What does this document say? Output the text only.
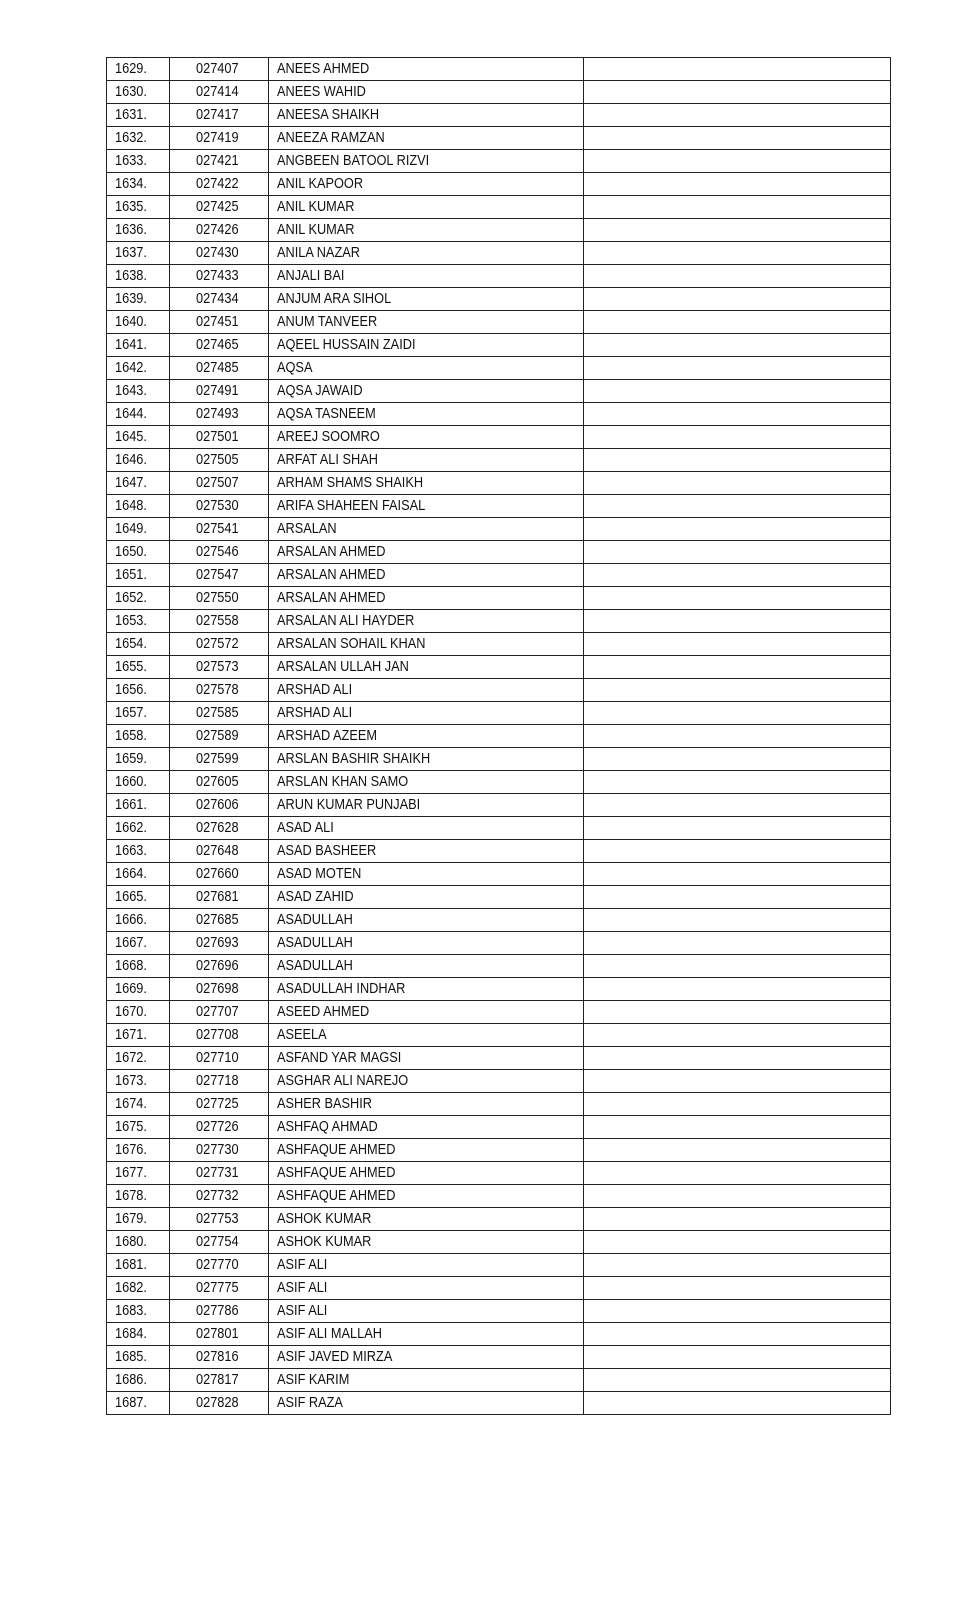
1629.	027407	ANEES AHMED	
1630.	027414	ANEES WAHID	
1631.	027417	ANEESA SHAIKH	
1632.	027419	ANEEZA RAMZAN	
1633.	027421	ANGBEEN BATOOL RIZVI	
1634.	027422	ANIL KAPOOR	
1635.	027425	ANIL KUMAR	
1636.	027426	ANIL KUMAR	
1637.	027430	ANILA NAZAR	
1638.	027433	ANJALI BAI	
1639.	027434	ANJUM ARA SIHOL	
1640.	027451	ANUM TANVEER	
1641.	027465	AQEEL HUSSAIN ZAIDI	
1642.	027485	AQSA	
1643.	027491	AQSA JAWAID	
1644.	027493	AQSA TASNEEM	
1645.	027501	AREEJ SOOMRO	
1646.	027505	ARFAT ALI SHAH	
1647.	027507	ARHAM SHAMS SHAIKH	
1648.	027530	ARIFA SHAHEEN FAISAL	
1649.	027541	ARSALAN	
1650.	027546	ARSALAN AHMED	
1651.	027547	ARSALAN AHMED	
1652.	027550	ARSALAN AHMED	
1653.	027558	ARSALAN ALI HAYDER	
1654.	027572	ARSALAN SOHAIL KHAN	
1655.	027573	ARSALAN ULLAH JAN	
1656.	027578	ARSHAD ALI	
1657.	027585	ARSHAD ALI	
1658.	027589	ARSHAD AZEEM	
1659.	027599	ARSLAN BASHIR SHAIKH	
1660.	027605	ARSLAN KHAN SAMO	
1661.	027606	ARUN KUMAR PUNJABI	
1662.	027628	ASAD ALI	
1663.	027648	ASAD BASHEER	
1664.	027660	ASAD MOTEN	
1665.	027681	ASAD ZAHID	
1666.	027685	ASADULLAH	
1667.	027693	ASADULLAH	
1668.	027696	ASADULLAH	
1669.	027698	ASADULLAH INDHAR	
1670.	027707	ASEED AHMED	
1671.	027708	ASEELA	
1672.	027710	ASFAND YAR MAGSI	
1673.	027718	ASGHAR ALI NAREJO	
1674.	027725	ASHER BASHIR	
1675.	027726	ASHFAQ AHMAD	
1676.	027730	ASHFAQUE AHMED	
1677.	027731	ASHFAQUE AHMED	
1678.	027732	ASHFAQUE AHMED	
1679.	027753	ASHOK KUMAR	
1680.	027754	ASHOK KUMAR	
1681.	027770	ASIF ALI	
1682.	027775	ASIF ALI	
1683.	027786	ASIF ALI	
1684.	027801	ASIF ALI MALLAH	
1685.	027816	ASIF JAVED MIRZA	
1686.	027817	ASIF KARIM	
1687.	027828	ASIF RAZA	
